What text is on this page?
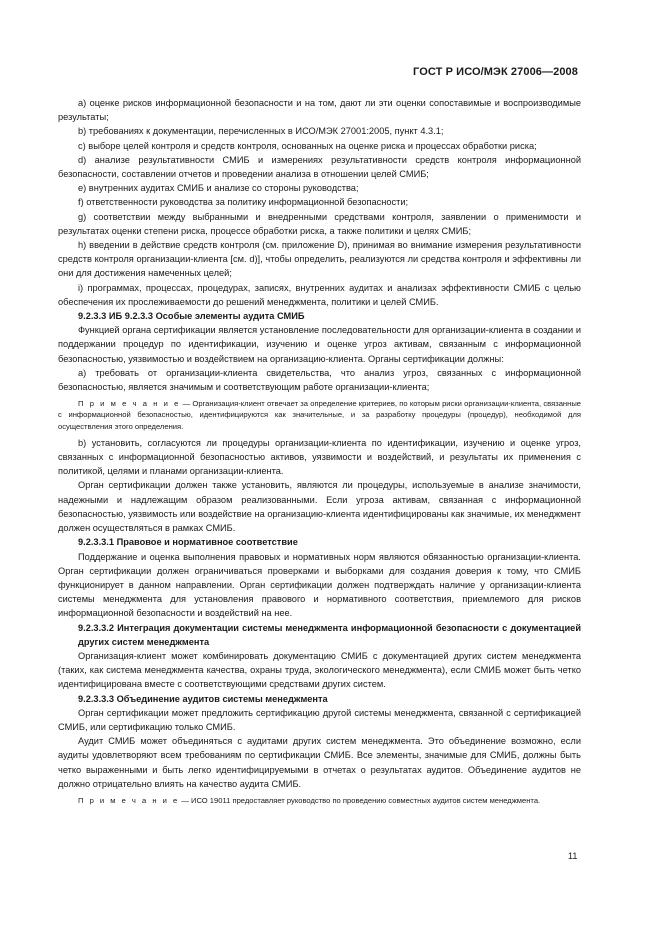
ГОСТ Р ИСО/МЭК 27006—2008

a) оценке рисков информационной безопасности и на том, дают ли эти оценки сопоставимые и воспроизводимые результаты;

b) требованиях к документации, перечисленных в ИСО/МЭК 27001:2005, пункт 4.3.1;

c) выборе целей контроля и средств контроля, основанных на оценке риска и процессах обработки риска;

d) анализе результативности СМИБ и измерениях результативности средств контроля информационной безопасности, составлении отчетов и проведении анализа в отношении целей СМИБ;

e) внутренних аудитах СМИБ и анализе со стороны руководства;

f) ответственности руководства за политику информационной безопасности;

g) соответствии между выбранными и внедренными средствами контроля, заявлении о применимости и результатах оценки степени риска, процессе обработки риска, а также политики и целях СМИБ;

h) введении в действие средств контроля (см. приложение D), принимая во внимание измерения результативности средств контроля организации-клиента [см. d)], чтобы определить, реализуются ли средства контроля и эффективны ли они для достижения намеченных целей;

i) программах, процессах, процедурах, записях, внутренних аудитах и анализах эффективности СМИБ с целью обеспечения их прослеживаемости до решений менеджмента, политики и целей СМИБ.

9.2.3.3 ИБ 9.2.3.3 Особые элементы аудита СМИБ

Функцией органа сертификации является установление последовательности для организации-клиента в создании и поддержании процедур по идентификации, изучению и оценке угроз активам, связанным с информационной безопасностью, уязвимостью и воздействием на организацию-клиента. Органы сертификации должны:

a) требовать от организации-клиента свидетельства, что анализ угроз, связанных с информационной безопасностью, является значимым и соответствующим работе организации-клиента;

П р и м е ч а н и е — Организация-клиент отвечает за определение критериев, по которым риски организации-клиента, связанные с информационной безопасностью, идентифицируются как значительные, и за разработку процедуры (процедур), необходимой для осуществления этого определения.

b) установить, согласуются ли процедуры организации-клиента по идентификации, изучению и оценке угроз, связанных с информационной безопасностью активов, уязвимости и воздействий, и результаты их применения с политикой, целями и планами организации-клиента.

Орган сертификации должен также установить, являются ли процедуры, используемые в анализе значимости, надежными и надлежащим образом реализованными. Если угроза активам, связанная с информационной безопасностью, уязвимость или воздействие на организацию-клиента идентифицированы как значимые, их менеджмент должен осуществляться в рамках СМИБ.

9.2.3.3.1 Правовое и нормативное соответствие

Поддержание и оценка выполнения правовых и нормативных норм являются обязанностью организации-клиента. Орган сертификации должен ограничиваться проверками и выборками для создания доверия к тому, что СМИБ функционирует в данном направлении. Орган сертификации должен подтверждать наличие у организации-клиента системы менеджмента для установления правового и нормативного соответствия, приемлемого для рисков информационной безопасности и воздействий на нее.

9.2.3.3.2 Интеграция документации системы менеджмента информационной безопасности с документацией других систем менеджмента

Организация-клиент может комбинировать документацию СМИБ с документацией других систем менеджмента (таких, как система менеджмента качества, охраны труда, экологического менеджмента), если СМИБ может быть четко идентифицирована вместе с соответствующими средствами других систем.

9.2.3.3.3 Объединение аудитов системы менеджмента

Орган сертификации может предложить сертификацию другой системы менеджмента, связанной с сертификацией СМИБ, или сертификацию только СМИБ.

Аудит СМИБ может объединяться с аудитами других систем менеджмента. Это объединение возможно, если аудиты удовлетворяют всем требованиям по сертификации СМИБ. Все элементы, значимые для СМИБ, должны быть четко выраженными и быть легко идентифицируемыми в отчетах о результатах аудитов. Объединение аудитов не должно отрицательно влиять на качество аудита СМИБ.

П р и м е ч а н и е — ИСО 19011 предоставляет руководство по проведению совместных аудитов систем менеджмента.

11
